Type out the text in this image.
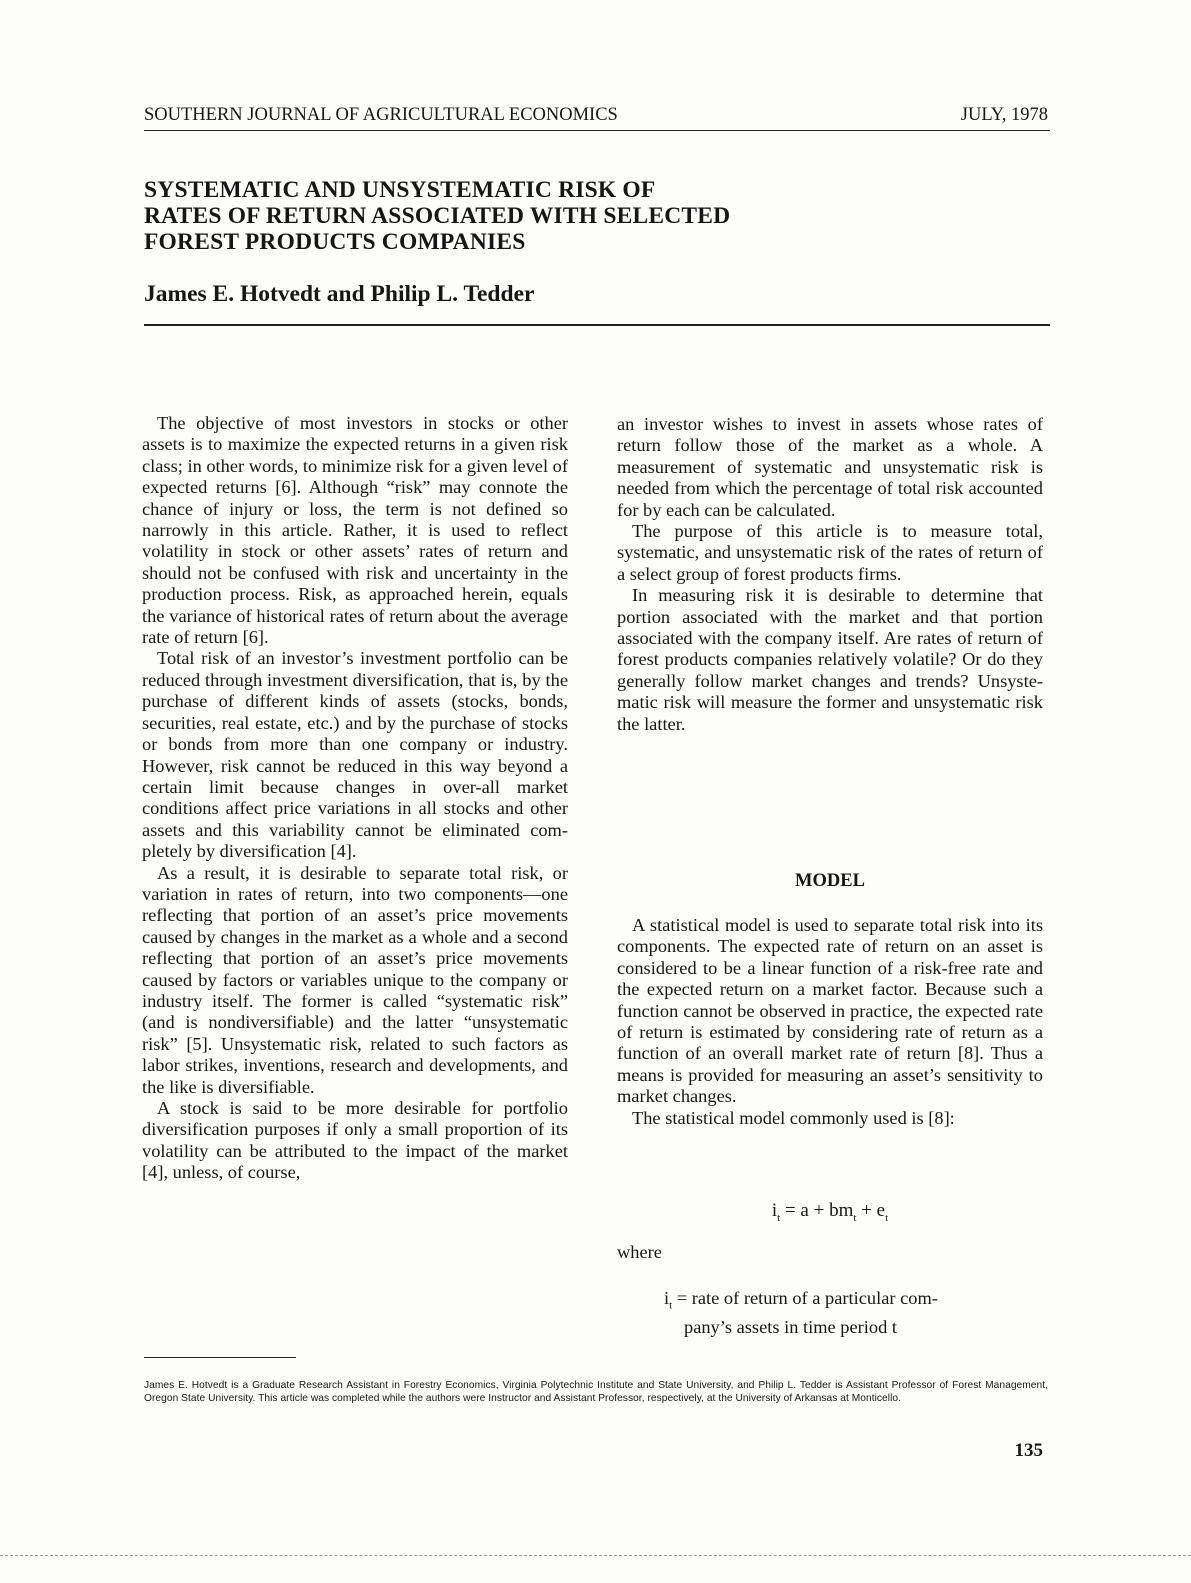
SOUTHERN JOURNAL OF AGRICULTURAL ECONOMICS	JULY, 1978
SYSTEMATIC AND UNSYSTEMATIC RISK OF
RATES OF RETURN ASSOCIATED WITH SELECTED
FOREST PRODUCTS COMPANIES
James E. Hotvedt and Philip L. Tedder

The objective of most investors in stocks or other assets is to maximize the expected returns in a given risk class; in other words, to minimize risk for a given level of expected returns [6]. Although “risk” may connote the chance of injury or loss, the term is not defined so narrowly in this article. Rather, it is used to reflect volatility in stock or other assets’ rates of return and should not be confused with risk and uncertainty in the production process. Risk, as approached herein, equals the variance of historical rates of return about the average rate of return [6].

Total risk of an investor’s investment portfolio can be reduced through investment diversification, that is, by the purchase of different kinds of assets (stocks, bonds, securities, real estate, etc.) and by the purchase of stocks or bonds from more than one company or industry. However, risk cannot be reduced in this way beyond a certain limit because changes in over-all market conditions affect price variations in all stocks and other assets and this variability cannot be eliminated completely by diversification [4].

As a result, it is desirable to separate total risk, or variation in rates of return, into two components—one reflecting that portion of an asset’s price movements caused by changes in the market as a whole and a second reflecting that portion of an asset’s price movements caused by factors or variables unique to the company or industry itself. The former is called “systematic risk” (and is nondiversifiable) and the latter “unsystematic risk” [5]. Unsystematic risk, related to such factors as labor strikes, inventions, research and developments, and the like is diversifiable.

A stock is said to be more desirable for portfolio diversification purposes if only a small proportion of its volatility can be attributed to the impact of the market [4], unless, of course,

an investor wishes to invest in assets whose rates of return follow those of the market as a whole. A measurement of systematic and unsystematic risk is needed from which the percentage of total risk accounted for by each can be calculated.

The purpose of this article is to measure total, systematic, and unsystematic risk of the rates of return of a select group of forest products firms.

In measuring risk it is desirable to determine that portion associated with the market and that portion associated with the company itself. Are rates of return of forest products companies relatively volatile? Or do they generally follow market changes and trends? Unsystematic risk will measure the former and unsystematic risk the latter.

MODEL

A statistical model is used to separate total risk into its components. The expected rate of return on an asset is considered to be a linear function of a risk-free rate and the expected return on a market factor. Because such a function cannot be observed in practice, the expected rate of return is estimated by considering rate of return as a function of an overall market rate of return [8]. Thus a means is provided for measuring an asset’s sensitivity to market changes.

The statistical model commonly used is [8]:

$i_t = a + bm_t + e_t$
where
$i_t$ = rate of return of a particular com-
pany’s assets in time period t
James E. Hotvedt is a Graduate Research Assistant in Forestry Economics, Virginia Polytechnic Institute and State University, and Philip L. Tedder is Assistant Professor of Forest Management, Oregon State University. This article was completed while the authors were Instructor and Assistant Professor, respectively, at the University of Arkansas at Monticello.
135
